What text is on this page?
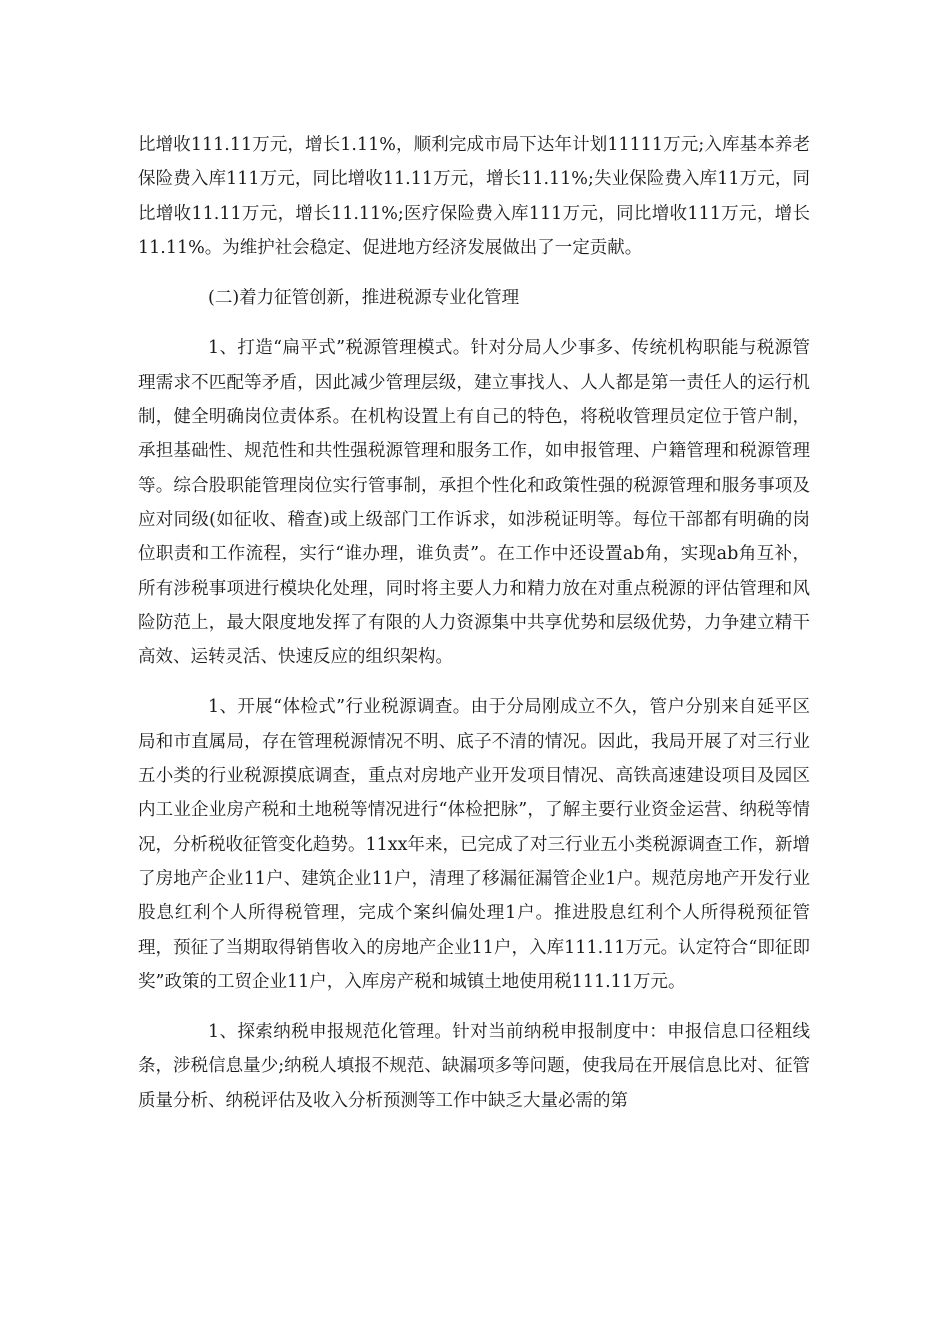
比增收111.11万元，增长1.11%，顺利完成市局下达年计划11111万元;入库基本养老保险费入库111万元，同比增收11.11万元，增长11.11%;失业保险费入库11万元，同比增收11.11万元，增长11.11%;医疗保险费入库111万元，同比增收111万元，增长11.11%。为维护社会稳定、促进地方经济发展做出了一定贡献。

(二)着力征管创新，推进税源专业化管理

1、打造“扁平式”税源管理模式。针对分局人少事多、传统机构职能与税源管理需求不匹配等矛盾，因此减少管理层级，建立事找人、人人都是第一责任人的运行机制，健全明确岗位责体系。在机构设置上有自己的特色，将税收管理员定位于管户制，承担基础性、规范性和共性强税源管理和服务工作，如申报管理、户籍管理和税源管理等。综合股职能管理岗位实行管事制，承担个性化和政策性强的税源管理和服务事项及应对同级(如征收、稽查)或上级部门工作诉求，如涉税证明等。每位干部都有明确的岗位职责和工作流程，实行“谁办理，谁负责”。在工作中还设置ab角，实现ab角互补，所有涉税事项进行模块化处理，同时将主要人力和精力放在对重点税源的评估管理和风险防范上，最大限度地发挥了有限的人力资源集中共享优势和层级优势，力争建立精干高效、运转灵活、快速反应的组织架构。

1、开展“体检式”行业税源调查。由于分局刚成立不久，管户分别来自延平区局和市直属局，存在管理税源情况不明、底子不清的情况。因此，我局开展了对三行业五小类的行业税源摸底调查，重点对房地产业开发项目情况、高铁高速建设项目及园区内工业企业房产税和土地税等情况进行“体检把脉”，了解主要行业资金运营、纳税等情况，分析税收征管变化趋势。11xx年来，已完成了对三行业五小类税源调查工作，新增了房地产企业11户、建筑企业11户，清理了移漏征漏管企业1户。规范房地产开发行业股息红利个人所得税管理，完成个案纠偏处理1户。推进股息红利个人所得税预征管理，预征了当期取得销售收入的房地产企业11户，入库111.11万元。认定符合“即征即奖”政策的工贸企业11户，入库房产税和城镇土地使用税111.11万元。

1、探索纳税申报规范化管理。针对当前纳税申报制度中：申报信息口径粗线条，涉税信息量少;纳税人填报不规范、缺漏项多等问题，使我局在开展信息比对、征管质量分析、纳税评估及收入分析预测等工作中缺乏大量必需的第
